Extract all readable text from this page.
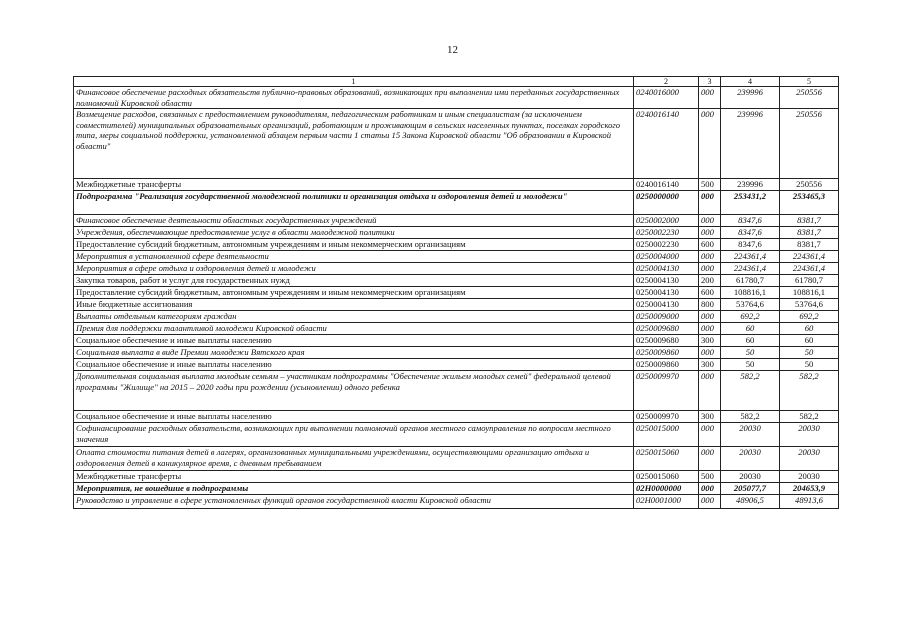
12
1	2	3	4	5
Финансовое обеспечение расходных обязательств публично-правовых образований, возникающих при выполнении ими переданных государственных полномочий Кировской области	0240016000	000	239996	250556
Возмещение расходов, связанных с предоставлением руководителям, педагогическим работникам и иным специалистам (за исключением совместителей) муниципальных образовательных организаций, работающим и проживающим в сельских населенных пунктах, поселках городского типа, меры социальной поддержки, установленной абзацем первым части 1 статьи 15 Закона Кировской области "Об образовании в Кировской области"	0240016140	000	239996	250556
Межбюджетные трансферты	0240016140	500	239996	250556
Подпрограмма "Реализация государственной молодежной политики и организация отдыха и оздоровления детей и молодежи"	0250000000	000	253431,2	253465,3
Финансовое обеспечение деятельности областных государственных учреждений	0250002000	000	8347,6	8381,7
Учреждения, обеспечивающие предоставление услуг в области молодежной политики	0250002230	000	8347,6	8381,7
Предоставление субсидий бюджетным, автономным учреждениям и иным некоммерческим организациям	0250002230	600	8347,6	8381,7
Мероприятия в установленной сфере деятельности	0250004000	000	224361,4	224361,4
Мероприятия в сфере отдыха и оздоровления детей и молодежи	0250004130	000	224361,4	224361,4
Закупка товаров, работ и услуг для государственных нужд	0250004130	200	61780,7	61780,7
Предоставление субсидий бюджетным, автономным учреждениям и иным некоммерческим организациям	0250004130	600	108816,1	108816,1
Иные бюджетные ассигнования	0250004130	800	53764,6	53764,6
Выплаты отдельным категориям граждан	0250009000	000	692,2	692,2
Премия для поддержки талантливой молодежи Кировской области	0250009680	000	60	60
Социальное обеспечение и иные выплаты населению	0250009680	300	60	60
Социальная выплата в виде Премии молодежи Вятского края	0250009860	000	50	50
Социальное обеспечение и иные выплаты населению	0250009860	300	50	50
Дополнительная социальная выплата молодым семьям – участникам подпрограммы "Обеспечение жильем молодых семей" федеральной целевой программы "Жилище" на 2015 – 2020 годы при рождении (усыновлении) одного ребенка	0250009970	000	582,2	582,2
Социальное обеспечение и иные выплаты населению	0250009970	300	582,2	582,2
Софинансирование расходных обязательств, возникающих при выполнении полномочий органов местного самоуправления по вопросам местного значения	0250015000	000	20030	20030
Оплата стоимости питания детей в лагерях, организованных муниципальными учреждениями, осуществляющими организацию отдыха и оздоровления детей в каникулярное время, с дневным пребыванием	0250015060	000	20030	20030
Межбюджетные трансферты	0250015060	500	20030	20030
Мероприятия, не вошедшие в подпрограммы	02Н0000000	000	205077,7	204653,9
Руководство и управление в сфере установленных функций органов государственной власти Кировской области	02Н0001000	000	48906,5	48913,6
